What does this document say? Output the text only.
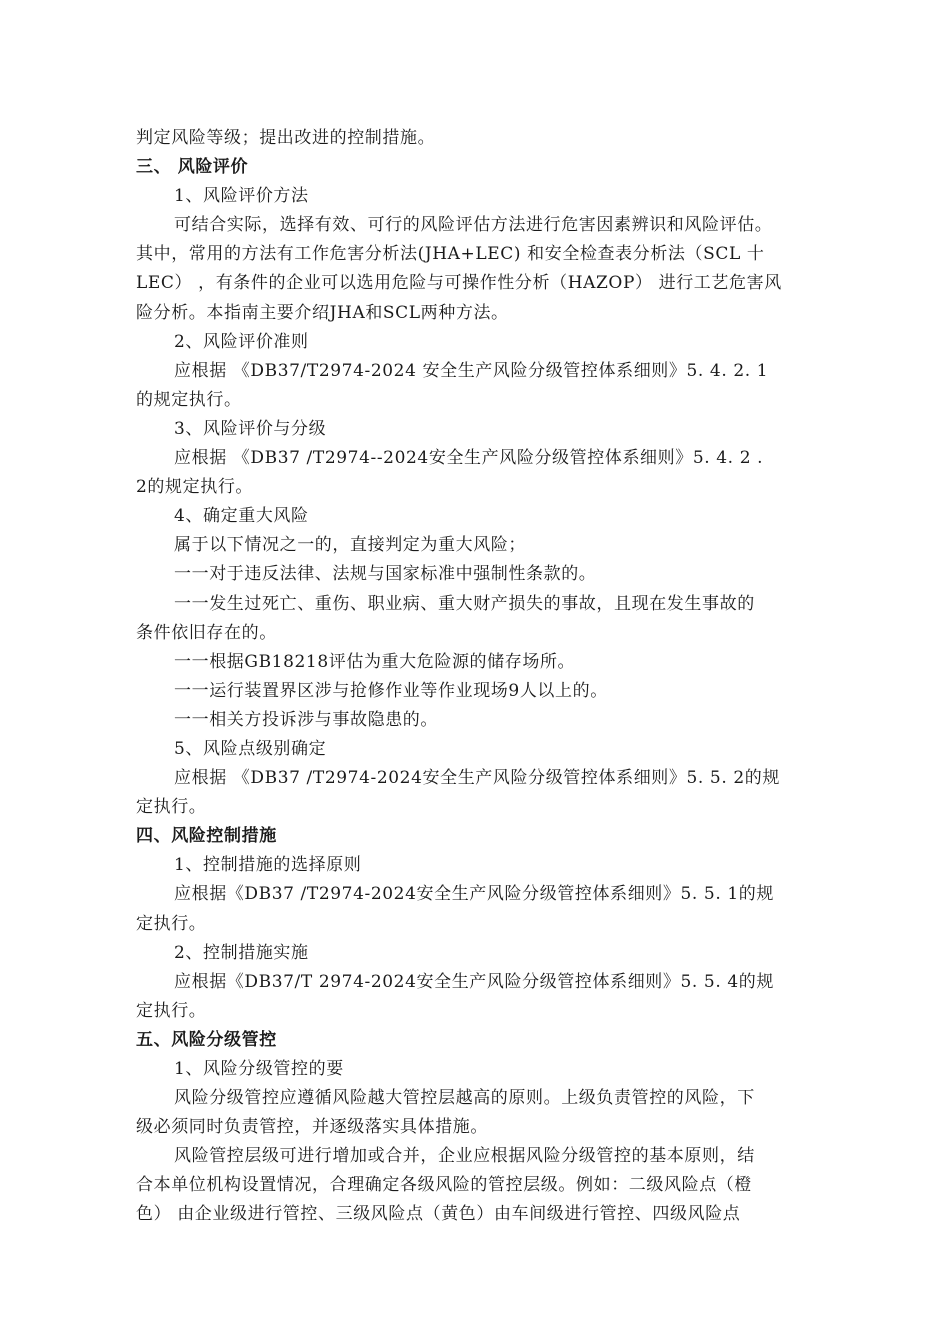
判定风险等级；提出改进的控制措施。
三、 风险评价
1、风险评价方法
可结合实际，选择有效、可行的风险评估方法进行危害因素辨识和风险评估。
其中，常用的方法有工作危害分析法(JHA+LEC) 和安全检查表分析法（SCL 十
LEC） ，有条件的企业可以选用危险与可操作性分析（HAZOP） 进行工艺危害风
险分析。本指南主要介绍JHA和SCL两种方法。
2、风险评价准则
应根据 《DB37/T2974-2024 安全生产风险分级管控体系细则》5. 4. 2. 1
的规定执行。
3、风险评价与分级
应根据 《DB37 /T2974--2024安全生产风险分级管控体系细则》5. 4. 2 .
2的规定执行。
4、确定重大风险
属于以下情况之一的，直接判定为重大风险；
一一对于违反法律、法规与国家标准中强制性条款的。
一一发生过死亡、重伤、职业病、重大财产损失的事故，且现在发生事故的
条件依旧存在的。
一一根据GB18218评估为重大危险源的储存场所。
一一运行装置界区涉与抢修作业等作业现场9人以上的。
一一相关方投诉涉与事故隐患的。
5、风险点级别确定
应根据 《DB37 /T2974-2024安全生产风险分级管控体系细则》5. 5. 2的规
定执行。
四、风险控制措施
1、控制措施的选择原则
应根据《DB37 /T2974-2024安全生产风险分级管控体系细则》5. 5. 1的规
定执行。
2、控制措施实施
应根据《DB37/T 2974-2024安全生产风险分级管控体系细则》5. 5. 4的规
定执行。
五、风险分级管控
1、风险分级管控的要
风险分级管控应遵循风险越大管控层越高的原则。上级负责管控的风险，下
级必须同时负责管控，并逐级落实具体措施。
风险管控层级可进行增加或合并，企业应根据风险分级管控的基本原则，结
合本单位机构设置情况，合理确定各级风险的管控层级。例如：二级风险点（橙
色） 由企业级进行管控、三级风险点（黄色）由车间级进行管控、四级风险点
